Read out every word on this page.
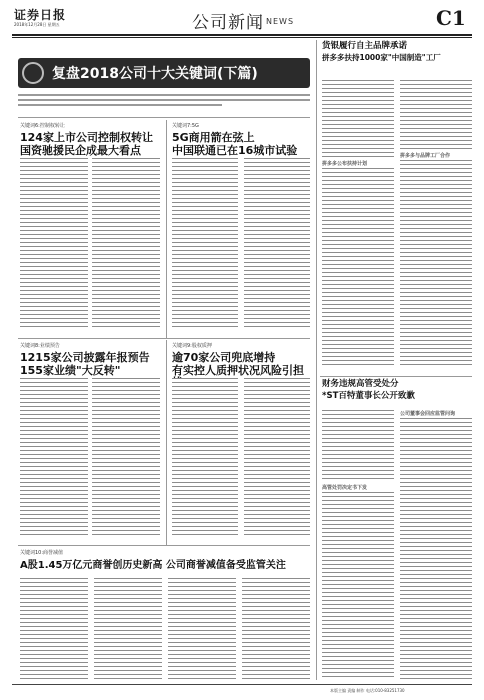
证券日报
2018年12月28日 星期五	公司新闻 NEWS	C1
复盘2018公司十大关键词(下篇)
关键词6:控制权转让
124家上市公司控制权转让
国资驰援民企成最大看点
关键词7:5G
5G商用箭在弦上
中国联通已在16城市试验
关键词8:业绩预告
1215家公司披露年报预告
155家业绩"大反转"
关键词9:股权质押
逾70家公司兜底增持
有实控人质押状况风险引担
关键词10:商誉减值
A股1.45万亿元商誉创历史新高 公司商誉减值备受监管关注
货银履行自主品牌承诺
拼多多扶持1000家"中国制造"工厂
拼多多公布扶持计划
拼多多与品牌工厂合作
财务违规高管受处分
*ST百特董事长公开致歉
高管处罚决定书下发
公司董事会回应监管问询
本版主编 责编 制作 电话:010-83251730
